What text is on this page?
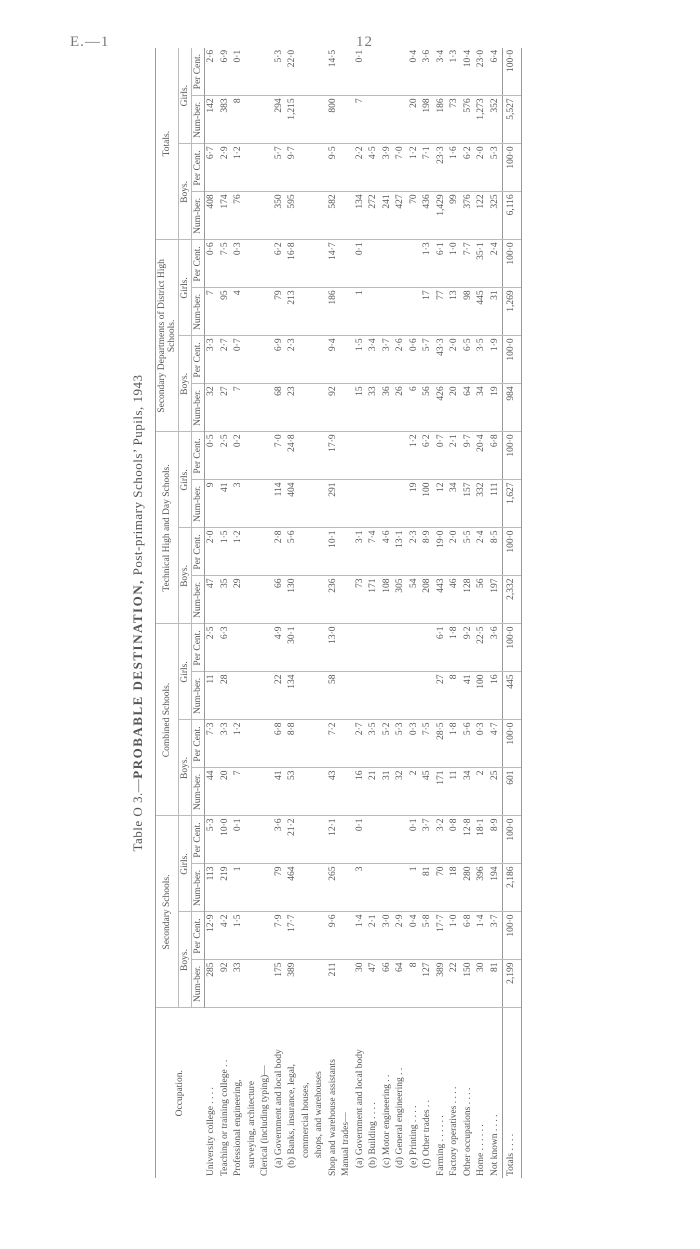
E.—1	12
Table O 3.—PROBABLE DESTINATION, Post-primary Schools’ Pupils, 1943
Occupation.	Secondary Schools.				Combined Schools.				Technical High and Day Schools.				Secondary Departments of District High Schools.				Totals.			
	Boys.		Girls.		Boys.		Girls.		Boys.		Girls.		Boys.		Girls.		Boys.		Girls.	
	Num-ber.	Per Cent.	Num-ber.	Per Cent.	Num-ber.	Per Cent.	Num-ber.	Per Cent.	Num-ber.	Per Cent.	Num-ber.	Per Cent.	Num-ber.	Per Cent.	Num-ber.	Per Cent.	Num-ber.	Per Cent.	Num-ber.	Per Cent.
University college . . . .	285	12·9	113	5·3	44	7·3	11	2·5	47	2·0	9	0·5	32	3·3	7	0·6	408	6·7	142	2·6
Teaching or training college . .	92	4·2	219	10·0	20	3·3	28	6·3	35	1·5	41	2·5	27	2·7	95	7·5	174	2·9	383	6·9
Professional engineering,	33	1·5	1	0·1	7	1·2			29	1·2	3	0·2	7	0·7	4	0·3	76	1·2	8	0·1
surveying, architecture																				
Clerical (including typing)—																				
(a) Government and local body	175	7·9	79	3·6	41	6·8	22	4·9	66	2·8	114	7·0	68	6·9	79	6·2	350	5·7	294	5·3
(b) Banks, insurance, legal,	389	17·7	464	21·2	53	8·8	134	30·1	130	5·6	404	24·8	23	2·3	213	16·8	595	9·7	1,215	22·0
commercial houses,																				
shops, and warehouses																				
Shop and warehouse assistants	211	9·6	265	12·1	43	7·2	58	13·0	236	10·1	291	17·9	92	9·4	186	14·7	582	9·5	800	14·5
Manual trades—																				
(a) Government and local body	30	1·4	3	0·1	16	2·7			73	3·1			15	1·5	1	0·1	134	2·2	7	0·1
(b) Building . . . .	47	2·1			21	3·5			171	7·4			33	3·4			272	4·5		
(c) Motor engineering . .	66	3·0			31	5·2			108	4·6			36	3·7			241	3·9		
(d) General engineering . .	64	2·9			32	5·3			305	13·1			26	2·6			427	7·0		
(e) Printing . . . .	8	0·4	1	0·1	2	0·3			54	2·3	19	1·2	6	0·6			70	1·2	20	0·4
(f) Other trades . .	127	5·8	81	3·7	45	7·5			208	8·9	100	6·2	56	5·7	17	1·3	436	7·1	198	3·6
Farming . . . . . .	389	17·7	70	3·2	171	28·5	27	6·1	443	19·0	12	0·7	426	43·3	77	6·1	1,429	23·3	186	3·4
Factory operatives . . . .	22	1·0	18	0·8	11	1·8	8	1·8	46	2·0	34	2·1	20	2·0	13	1·0	99	1·6	73	1·3
Other occupations . . . .	150	6·8	280	12·8	34	5·6	41	9·2	128	5·5	157	9·7	64	6·5	98	7·7	376	6·2	576	10·4
Home . . . . . .	30	1·4	396	18·1	2	0·3	100	22·5	56	2·4	332	20·4	34	3·5	445	35·1	122	2·0	1,273	23·0
Not known . . . .	81	3·7	194	8·9	25	4·7	16	3·6	197	8·5	111	6·8	19	1·9	31	2·4	325	5·3	352	6·4
Totals . . . .	2,199	100·0	2,186	100·0	601	100·0	445	100·0	2,332	100·0	1,627	100·0	984	100·0	1,269	100·0	6,116	100·0	5,527	100·0
